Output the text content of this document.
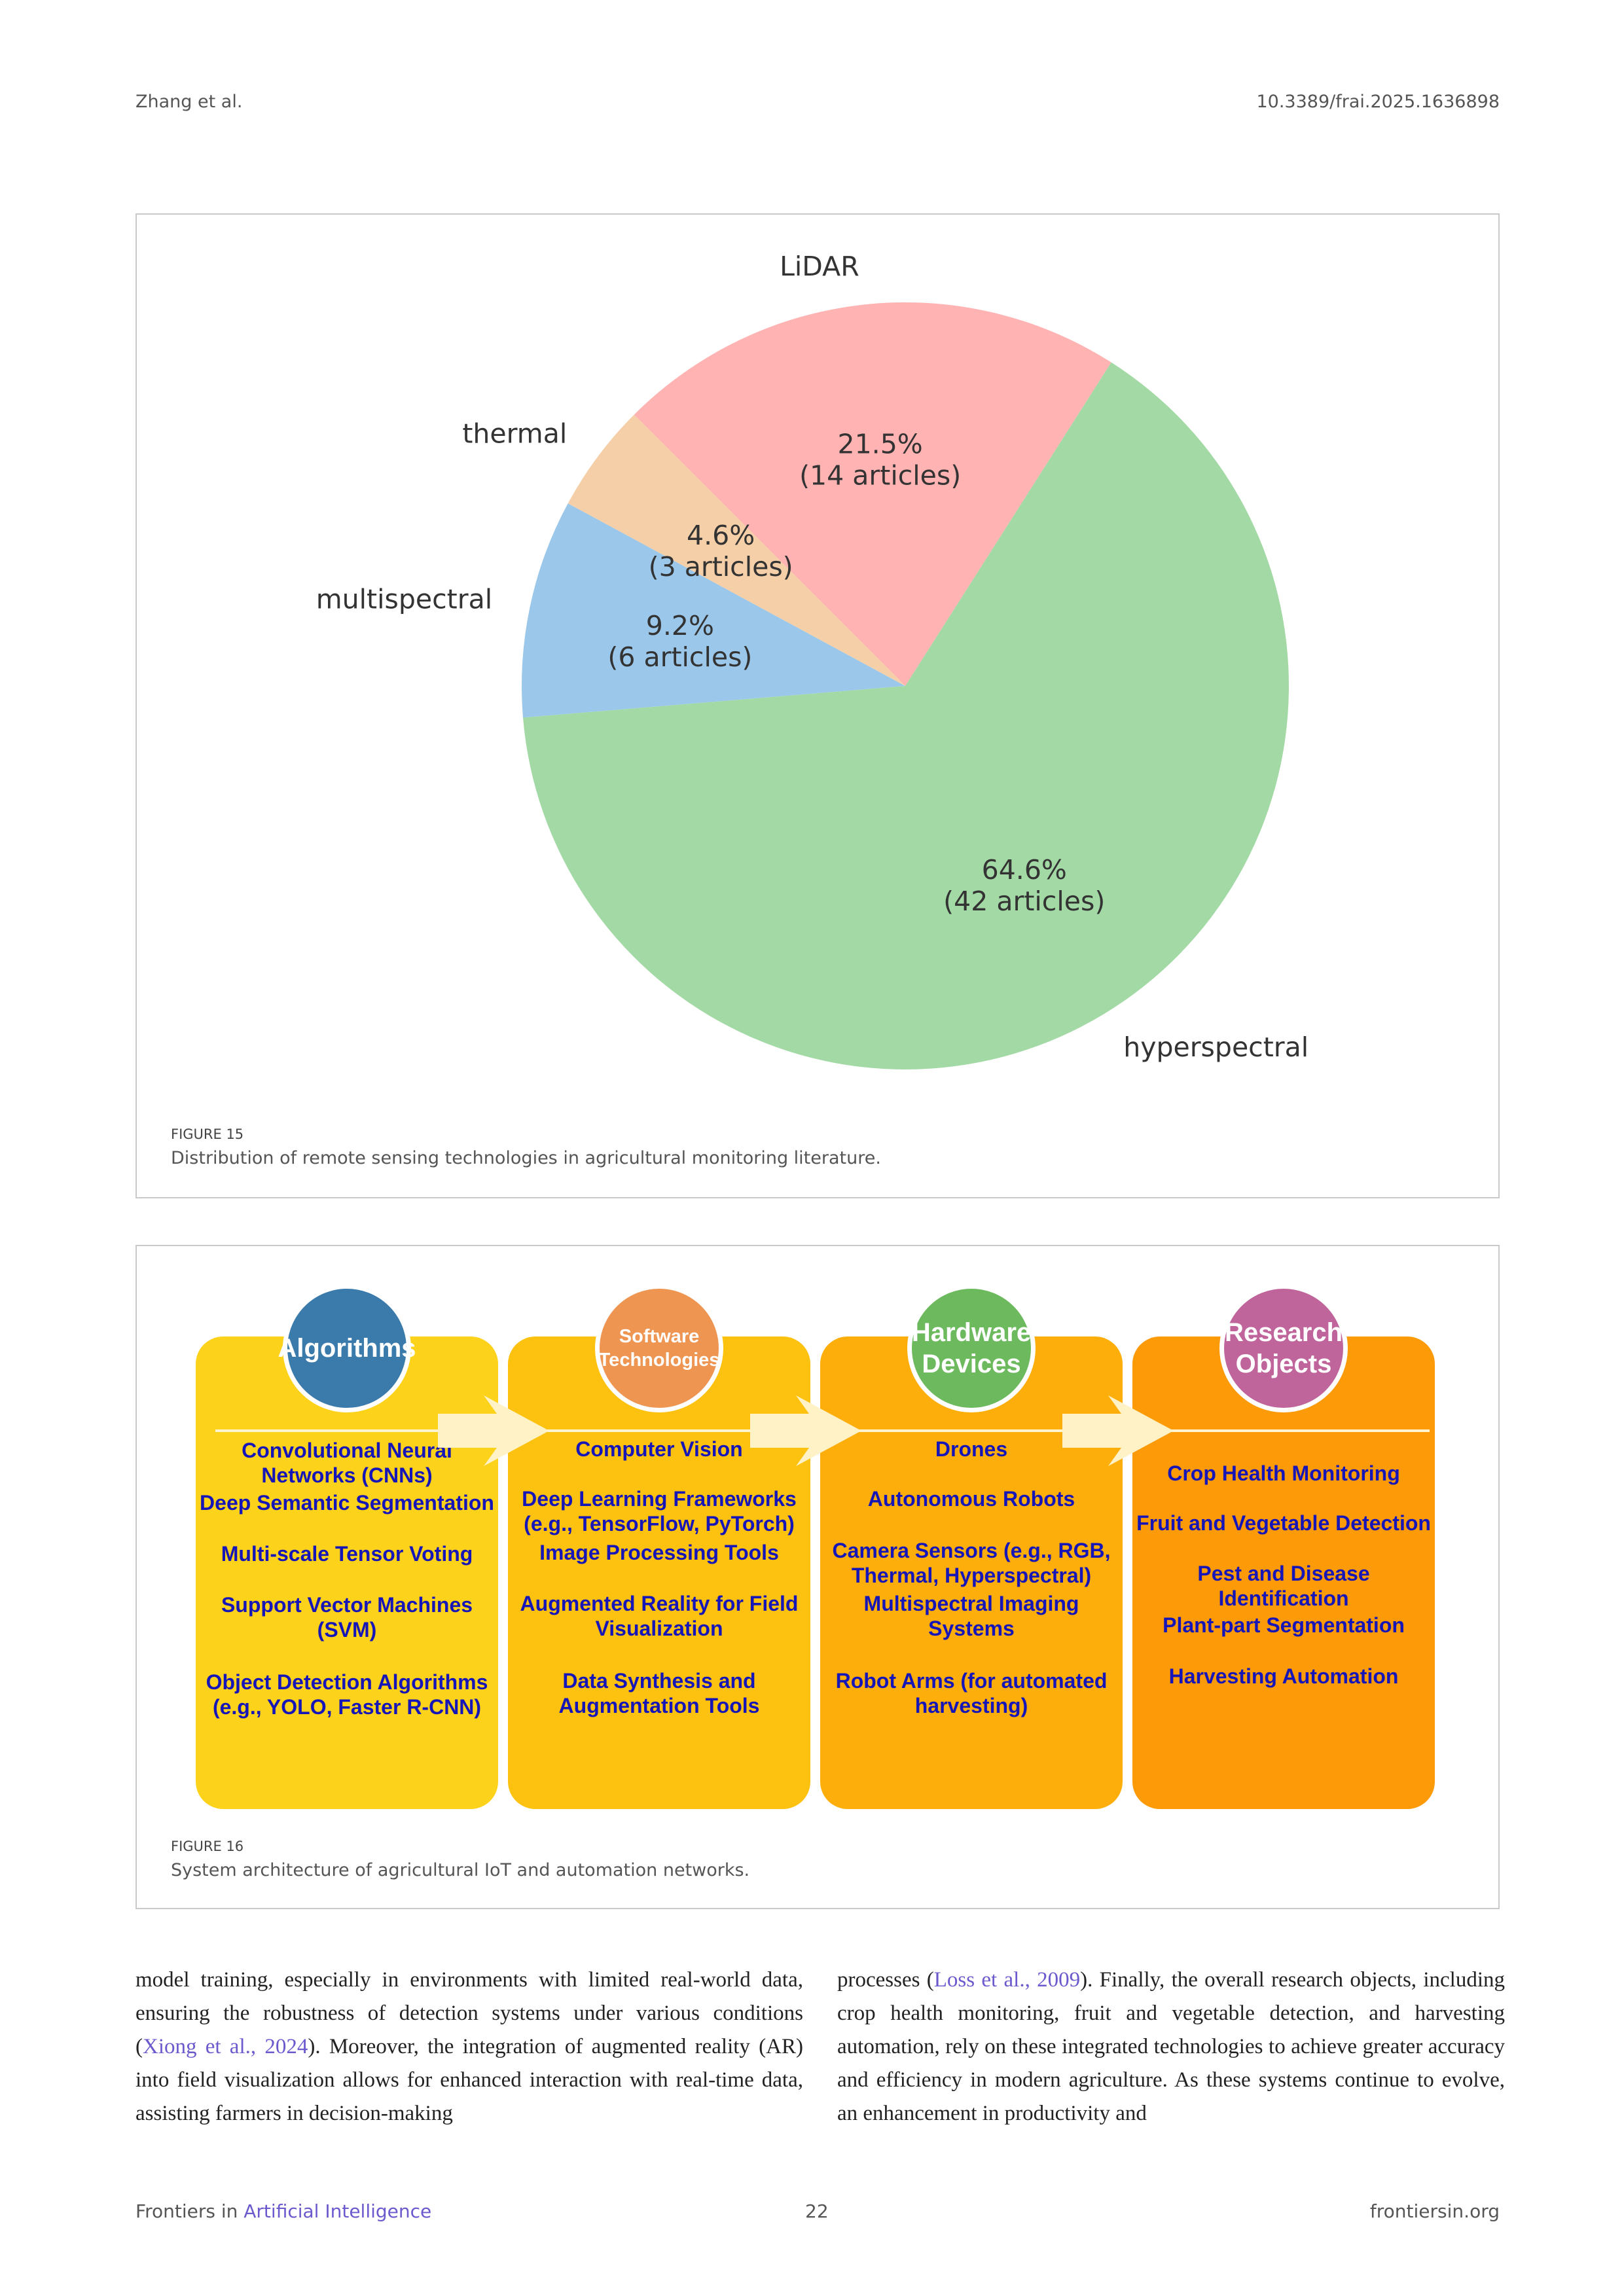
Zhang et al.	10.3389/frai.2025.1636898
LiDAR
21.5%
(14 articles)
hyperspectral
64.6%
(42 articles)
multispectral
9.2%
(6 articles)
thermal
4.6%
(3 articles)
FIGURE 15
Distribution of remote sensing technologies in agricultural monitoring literature.
Convolutional Neural
Networks (CNNs)
Deep Semantic Segmentation
Multi-scale Tensor Voting
Support Vector Machines
(SVM)
Object Detection Algorithms
(e.g., YOLO, Faster R-CNN)
Algorithms
Computer Vision
Deep Learning Frameworks
(e.g., TensorFlow, PyTorch)
Image Processing Tools
Augmented Reality for Field
Visualization
Data Synthesis and
Augmentation Tools
Software
Technologies
Drones
Autonomous Robots
Camera Sensors (e.g., RGB,
Thermal, Hyperspectral)
Multispectral Imaging
Systems
Robot Arms (for automated
harvesting)
Hardware
Devices
Crop Health Monitoring
Fruit and Vegetable Detection
Pest and Disease
Identification
Plant-part Segmentation
Harvesting Automation
Research
Objects
FIGURE 16
System architecture of agricultural IoT and automation networks.
model training, especially in environments with limited real-world data, ensuring the robustness of detection systems under various conditions (Xiong et al., 2024). Moreover, the integration of augmented reality (AR) into field visualization allows for enhanced interaction with real-time data, assisting farmers in decision-making
processes (Loss et al., 2009). Finally, the overall research objects, including crop health monitoring, fruit and vegetable detection, and harvesting automation, rely on these integrated technologies to achieve greater accuracy and efficiency in modern agriculture. As these systems continue to evolve, an enhancement in productivity and
Frontiers in Artificial Intelligence	22	frontiersin.org
